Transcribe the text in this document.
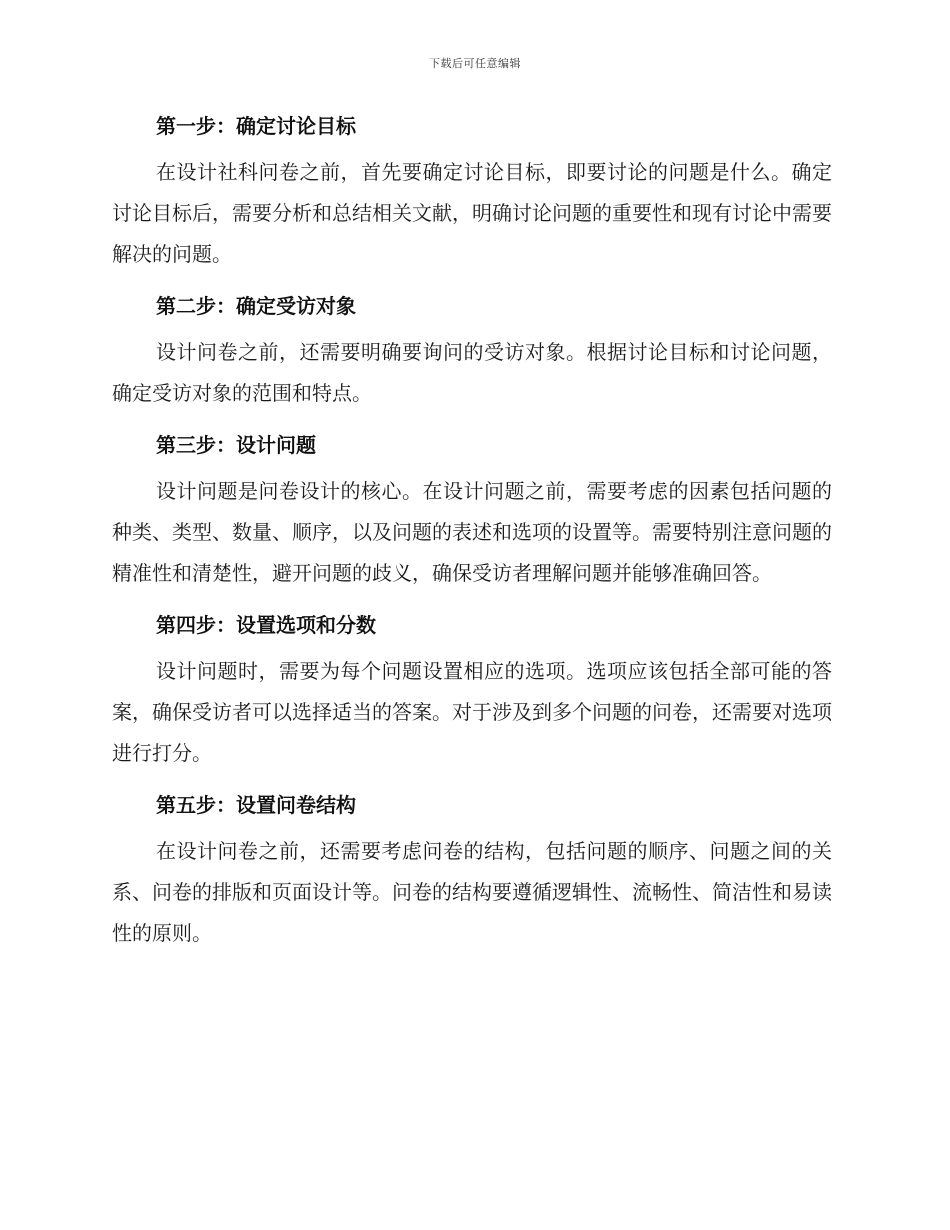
下载后可任意编辑
第一步：确定讨论目标

在设计社科问卷之前，首先要确定讨论目标，即要讨论的问题是什么。确定讨论目标后，需要分析和总结相关文献，明确讨论问题的重要性和现有讨论中需要解决的问题。

第二步：确定受访对象

设计问卷之前，还需要明确要询问的受访对象。根据讨论目标和讨论问题，确定受访对象的范围和特点。

第三步：设计问题

设计问题是问卷设计的核心。在设计问题之前，需要考虑的因素包括问题的种类、类型、数量、顺序，以及问题的表述和选项的设置等。需要特别注意问题的精准性和清楚性，避开问题的歧义，确保受访者理解问题并能够准确回答。

第四步：设置选项和分数

设计问题时，需要为每个问题设置相应的选项。选项应该包括全部可能的答案，确保受访者可以选择适当的答案。对于涉及到多个问题的问卷，还需要对选项进行打分。

第五步：设置问卷结构

在设计问卷之前，还需要考虑问卷的结构，包括问题的顺序、问题之间的关系、问卷的排版和页面设计等。问卷的结构要遵循逻辑性、流畅性、简洁性和易读性的原则。
